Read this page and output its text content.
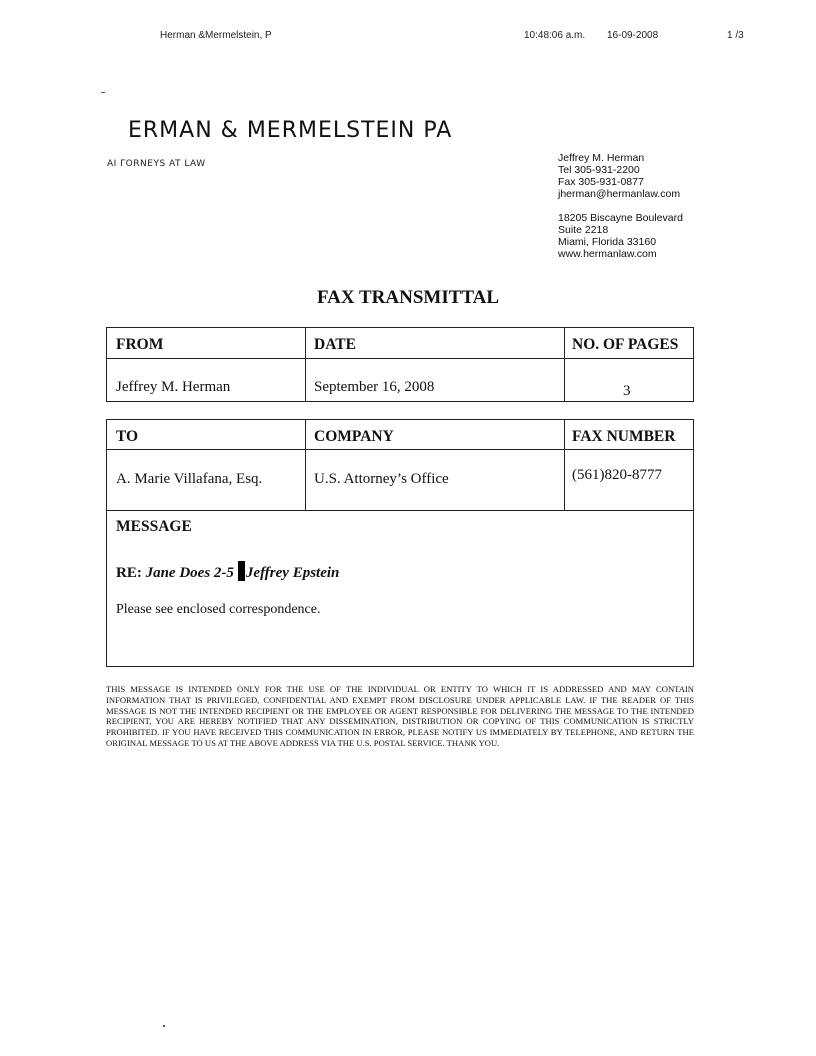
Herman &Mermelstein, P	10:48:06 a.m. 16-09-2008	1 /3
ERMAN & MERMELSTEIN PA
AI ΓORNEYS AT LAW	Jeffrey M. Herman
Tel 305-931-2200
Fax 305-931-0877
jherman@hermanlaw.com
18205 Biscayne Boulevard
Suite 2218
Miami, Florida 33160
www.hermanlaw.com
FAX TRANSMITTAL
FROM	DATE	NO. OF PAGES
Jeffrey M. Herman	September 16, 2008	3
TO	COMPANY	FAX NUMBER
A. Marie Villafana, Esq.	U.S. Attorney’s Office	(561)820-8777
MESSAGE
RE: Jane Does 2-5 Jeffrey Epstein
Please see enclosed correspondence.
THIS MESSAGE IS INTENDED ONLY FOR THE USE OF THE INDIVIDUAL OR ENTITY TO WHICH IT IS ADDRESSED AND MAY CONTAIN INFORMATION THAT IS PRIVILEGED, CONFIDENTIAL AND EXEMPT FROM DISCLOSURE UNDER APPLICABLE LAW. IF THE READER OF THIS MESSAGE IS NOT THE INTENDED RECIPIENT OR THE EMPLOYEE OR AGENT RESPONSIBLE FOR DELIVERING THE MESSAGE TO THE INTENDED RECIPIENT, YOU ARE HEREBY NOTIFIED THAT ANY DISSEMINATION, DISTRIBUTION OR COPYING OF THIS COMMUNICATION IS STRICTLY PROHIBITED. IF YOU HAVE RECEIVED THIS COMMUNICATION IN ERROR, PLEASE NOTIFY US IMMEDIATELY BY TELEPHONE, AND RETURN THE ORIGINAL MESSAGE TO US AT THE ABOVE ADDRESS VIA THE U.S. POSTAL SERVICE. THANK YOU.
